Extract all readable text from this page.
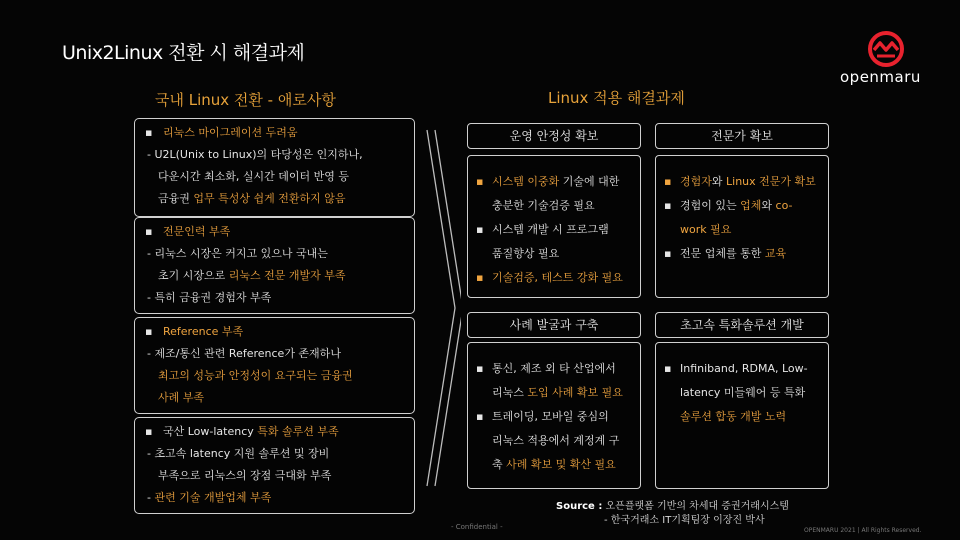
Unix2Linux 전환 시 해결과제
openmaru
국내 Linux 전환 - 애로사항	Linux 적용 해결과제
▪ 리눅스 마이그레이션 두려움
- U2L(Unix to Linux)의 타당성은 인지하나,
다운시간 최소화, 실시간 데이터 반영 등
금융권 업무 특성상 쉽게 전환하지 않음
▪ 전문인력 부족
- 리눅스 시장은 커지고 있으나 국내는
초기 시장으로 리눅스 전문 개발자 부족
- 특히 금융권 경험자 부족
▪ Reference 부족
- 제조/통신 관련 Reference가 존재하나
최고의 성능과 안정성이 요구되는 금융권
사례 부족
▪ 국산 Low-latency 특화 솔루션 부족
- 초고속 latency 지원 솔루션 및 장비
부족으로 리눅스의 장점 극대화 부족
- 관련 기술 개발업체 부족
운영 안정성 확보	전문가 확보
사례 발굴과 구축	초고속 특화솔루션 개발
▪ 시스템 이중화 기술에 대한
충분한 기술검증 필요
▪ 시스템 개발 시 프로그램
품질향상 필요
▪ 기술검증, 테스트 강화 필요
▪ 경험자와 Linux 전문가 확보
▪ 경험이 있는 업체와 co-
work 필요
▪ 전문 업체를 통한 교육
▪ 통신, 제조 외 타 산업에서
리눅스 도입 사례 확보 필요
▪ 트레이딩, 모바일 중심의
리눅스 적용에서 계정계 구
축 사례 확보 및 확산 필요
▪ Infiniband, RDMA, Low-
latency 미들웨어 등 특화
솔루션 합동 개발 노력
Source : 오픈플랫폼 기반의 차세대 증권거래시스템
- 한국거래소 IT기획팀장 이장진 박사
- Confidential -	OPENMARU 2021 | All Rights Reserved.
